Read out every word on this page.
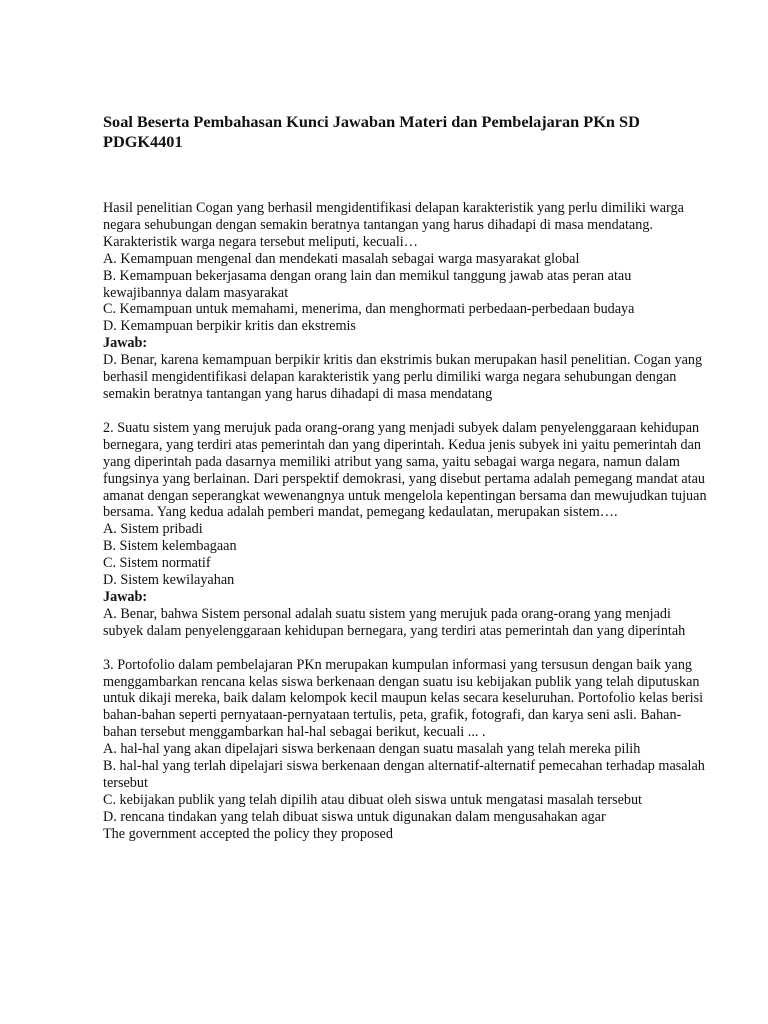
Soal Beserta Pembahasan Kunci Jawaban Materi dan Pembelajaran PKn SD PDGK4401

Hasil penelitian Cogan yang berhasil mengidentifikasi delapan karakteristik yang perlu dimiliki warga negara sehubungan dengan semakin beratnya tantangan yang harus dihadapi di masa mendatang. Karakteristik warga negara tersebut meliputi, kecuali…

A. Kemampuan mengenal dan mendekati masalah sebagai warga masyarakat global

B. Kemampuan bekerjasama dengan orang lain dan memikul tanggung jawab atas peran atau kewajibannya dalam masyarakat

C. Kemampuan untuk memahami, menerima, dan menghormati perbedaan-perbedaan budaya

D. Kemampuan berpikir kritis dan ekstremis

Jawab:

D. Benar, karena kemampuan berpikir kritis dan ekstrimis bukan merupakan hasil penelitian. Cogan yang berhasil mengidentifikasi delapan karakteristik yang perlu dimiliki warga negara sehubungan dengan semakin beratnya tantangan yang harus dihadapi di masa mendatang

2. Suatu sistem yang merujuk pada orang-orang yang menjadi subyek dalam penyelenggaraan kehidupan bernegara, yang terdiri atas pemerintah dan yang diperintah. Kedua jenis subyek ini yaitu pemerintah dan yang diperintah pada dasarnya memiliki atribut yang sama, yaitu sebagai warga negara, namun dalam fungsinya yang berlainan. Dari perspektif demokrasi, yang disebut pertama adalah pemegang mandat atau amanat dengan seperangkat wewenangnya untuk mengelola kepentingan bersama dan mewujudkan tujuan bersama. Yang kedua adalah pemberi mandat, pemegang kedaulatan, merupakan sistem….

A. Sistem pribadi

B. Sistem kelembagaan

C. Sistem normatif

D. Sistem kewilayahan

Jawab:

A. Benar, bahwa Sistem personal adalah suatu sistem yang merujuk pada orang-orang yang menjadi subyek dalam penyelenggaraan kehidupan bernegara, yang terdiri atas pemerintah dan yang diperintah

3. Portofolio dalam pembelajaran PKn merupakan kumpulan informasi yang tersusun dengan baik yang menggambarkan rencana kelas siswa berkenaan dengan suatu isu kebijakan publik yang telah diputuskan untuk dikaji mereka, baik dalam kelompok kecil maupun kelas secara keseluruhan. Portofolio kelas berisi bahan-bahan seperti pernyataan-pernyataan tertulis, peta, grafik, fotografi, dan karya seni asli. Bahan-bahan tersebut menggambarkan hal-hal sebagai berikut, kecuali ... .

A. hal-hal yang akan dipelajari siswa berkenaan dengan suatu masalah yang telah mereka pilih

B. hal-hal yang terlah dipelajari siswa berkenaan dengan alternatif-alternatif pemecahan terhadap masalah tersebut

C. kebijakan publik yang telah dipilih atau dibuat oleh siswa untuk mengatasi masalah tersebut

D. rencana tindakan yang telah dibuat siswa untuk digunakan dalam mengusahakan agar

The government accepted the policy they proposed
